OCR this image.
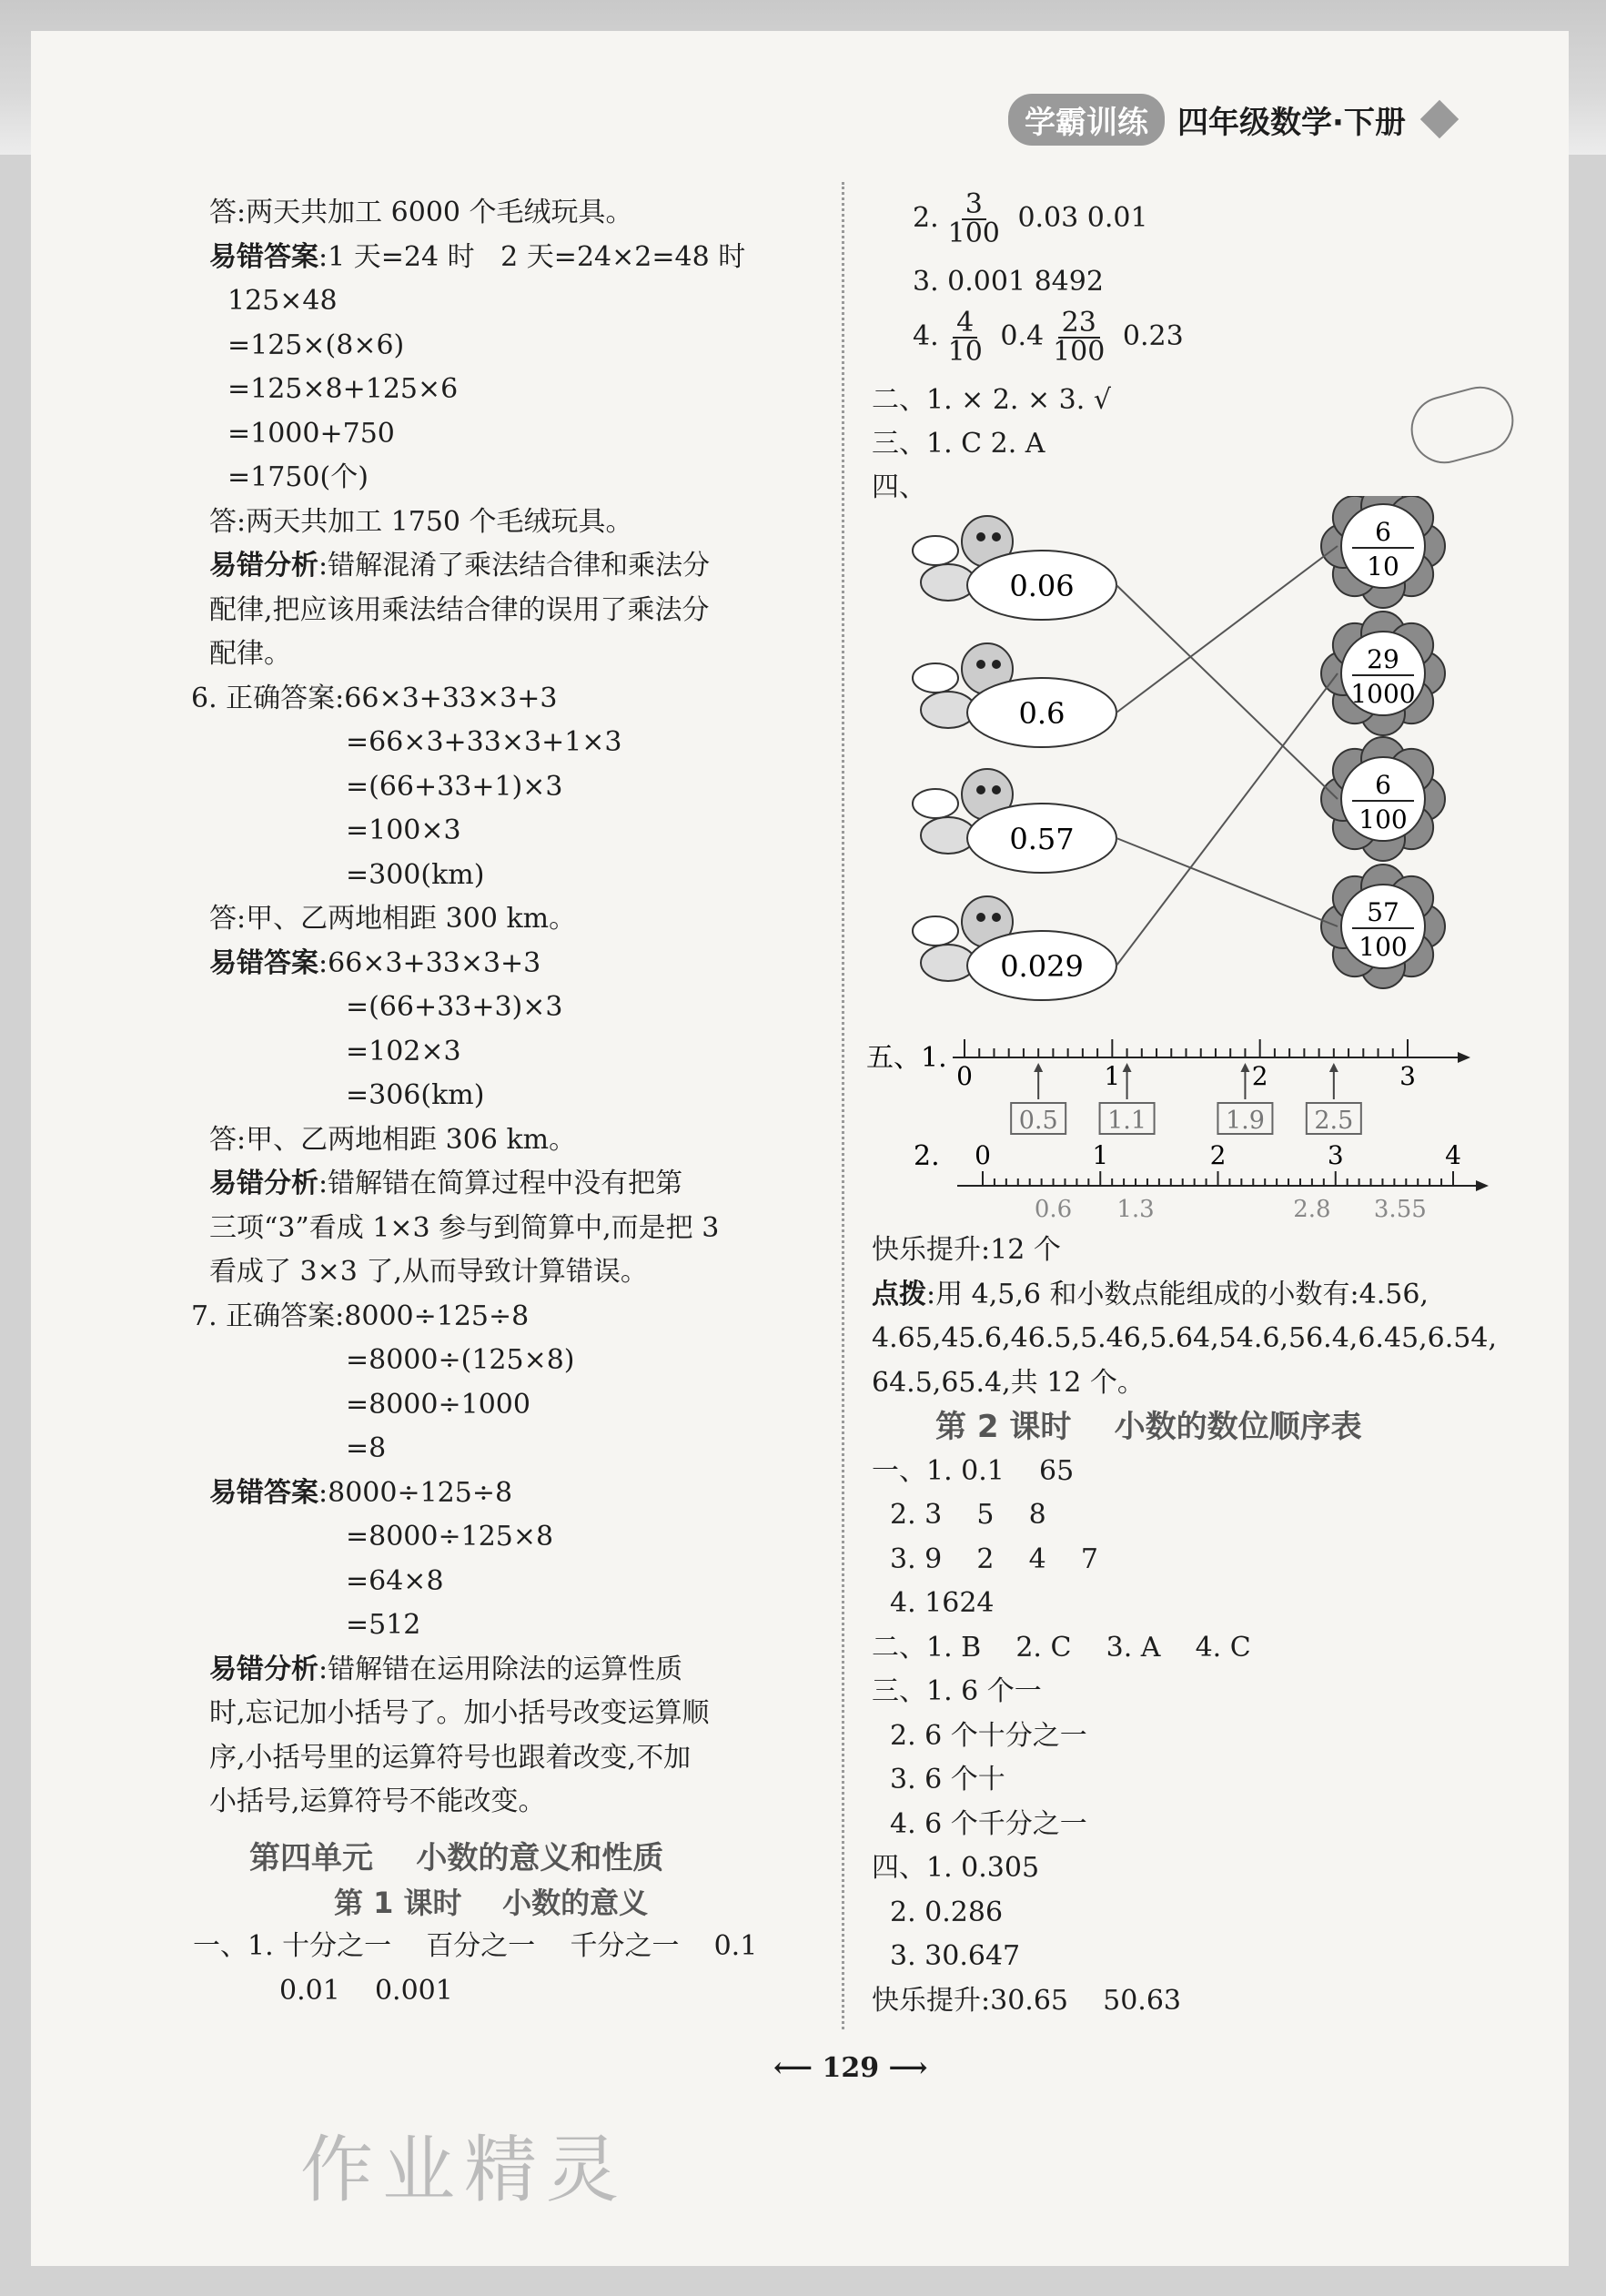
学霸训练 四年级数学·下册
答:两天共加工 6000 个毛绒玩具。
易错答案:1 天=24 时   2 天=24×2=48 时
125×48
=125×(8×6)
=125×8+125×6
=1000+750
=1750(个)
答:两天共加工 1750 个毛绒玩具。
易错分析:错解混淆了乘法结合律和乘法分
配律,把应该用乘法结合律的误用了乘法分
配律。
6. 正确答案:66×3+33×3+3
=66×3+33×3+1×3
=(66+33+1)×3
=100×3
=300(km)
答:甲、乙两地相距 300 km。
易错答案:66×3+33×3+3
=(66+33+3)×3
=102×3
=306(km)
答:甲、乙两地相距 306 km。
易错分析:错解错在简算过程中没有把第
三项“3”看成 1×3 参与到简算中,而是把 3
看成了 3×3 了,从而导致计算错误。
7. 正确答案:8000÷125÷8
=8000÷(125×8)
=8000÷1000
=8
易错答案:8000÷125÷8
=8000÷125×8
=64×8
=512
易错分析:错解错在运用除法的运算性质
时,忘记加小括号了。加小括号改变运算顺
序,小括号里的运算符号也跟着改变,不加
小括号,运算符号不能改变。
第四单元    小数的意义和性质
第 1 课时    小数的意义
一、1. 十分之一    百分之一    千分之一    0.1
0.01    0.001
2. $\frac{3}{100} 0.03$ 0.01
3. 0.001 8492
4. $\frac{4}{10} 0.4 \frac{23}{100} 0.23$
二、1. × 2. × 3. √
三、1. C 2. A
四、
0.06
0.6
0.57
0.029
6
10
29
1000
6
100
57
100
五、1.
0	1	2	3
0.5 1.1	1.9 2.5
2. 0	1	2	3	4
0.6 1.3	2.8 3.55
快乐提升:12 个
点拨:用 4,5,6 和小数点能组成的小数有:4.56,
4.65,45.6,46.5,5.46,5.64,54.6,56.4,6.45,6.54,
64.5,65.4,共 12 个。
第 2 课时    小数的数位顺序表
一、1. 0.1    65
2. 3    5    8
3. 9    2    4    7
4. 1624
二、1. B    2. C    3. A    4. C
三、1. 6 个一
2. 6 个十分之一
3. 6 个十
4. 6 个千分之一
四、1. 0.305
2. 0.286
3. 30.647
快乐提升:30.65    50.63
⟵ 129 ⟶
作业精灵
